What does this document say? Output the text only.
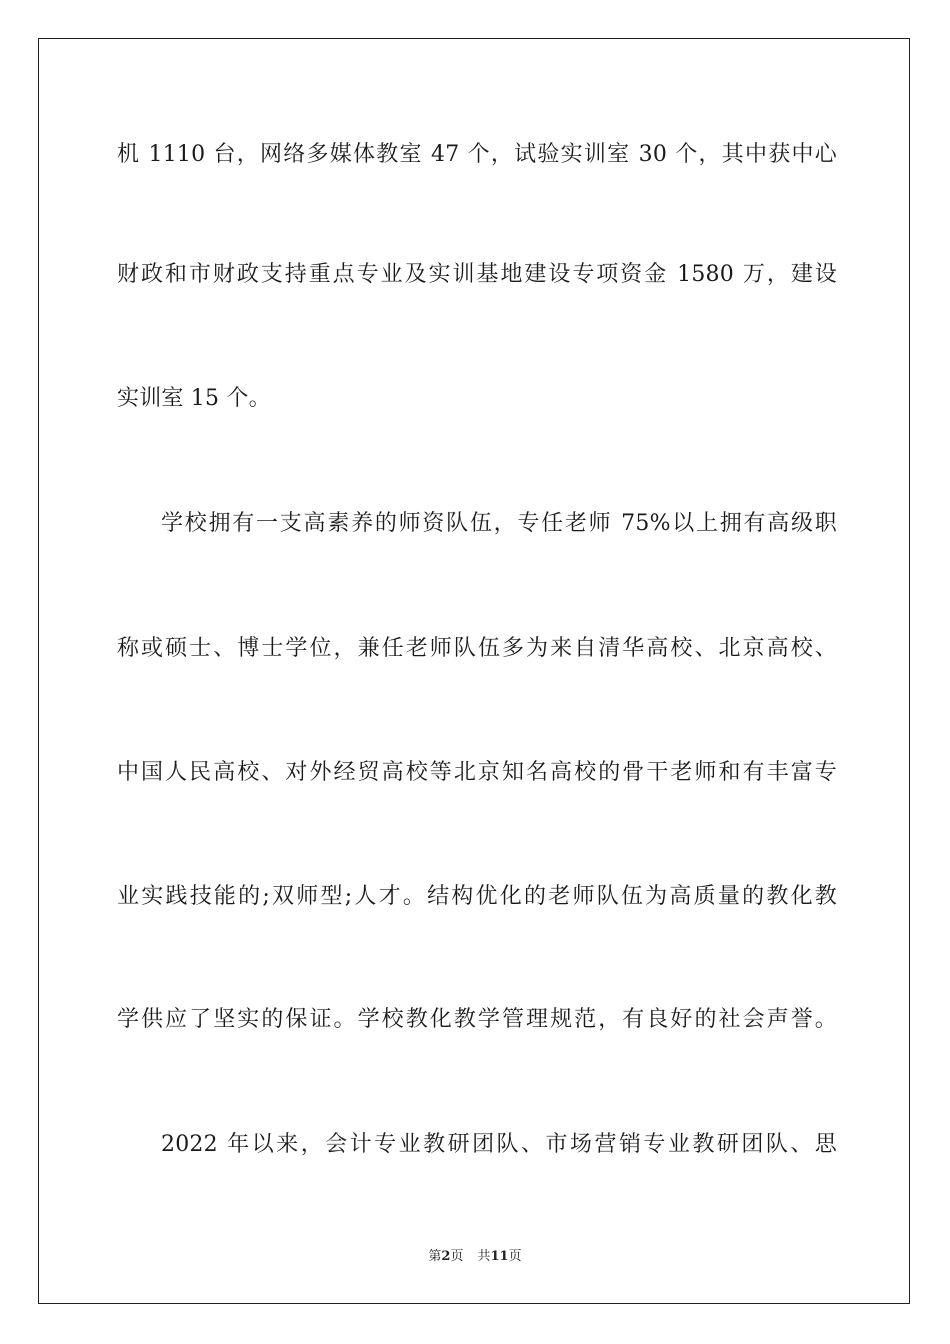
机 1110 台，网络多媒体教室 47 个，试验实训室 30 个，其中获中心
财政和市财政支持重点专业及实训基地建设专项资金 1580 万，建设
实训室 15 个。
学校拥有一支高素养的师资队伍，专任老师 75%以上拥有高级职
称或硕士、博士学位，兼任老师队伍多为来自清华高校、北京高校、
中国人民高校、对外经贸高校等北京知名高校的骨干老师和有丰富专
业实践技能的;双师型;人才。结构优化的老师队伍为高质量的教化教
学供应了坚实的保证。学校教化教学管理规范，有良好的社会声誉。
2022 年以来，会计专业教研团队、市场营销专业教研团队、思
第2页 共11页
